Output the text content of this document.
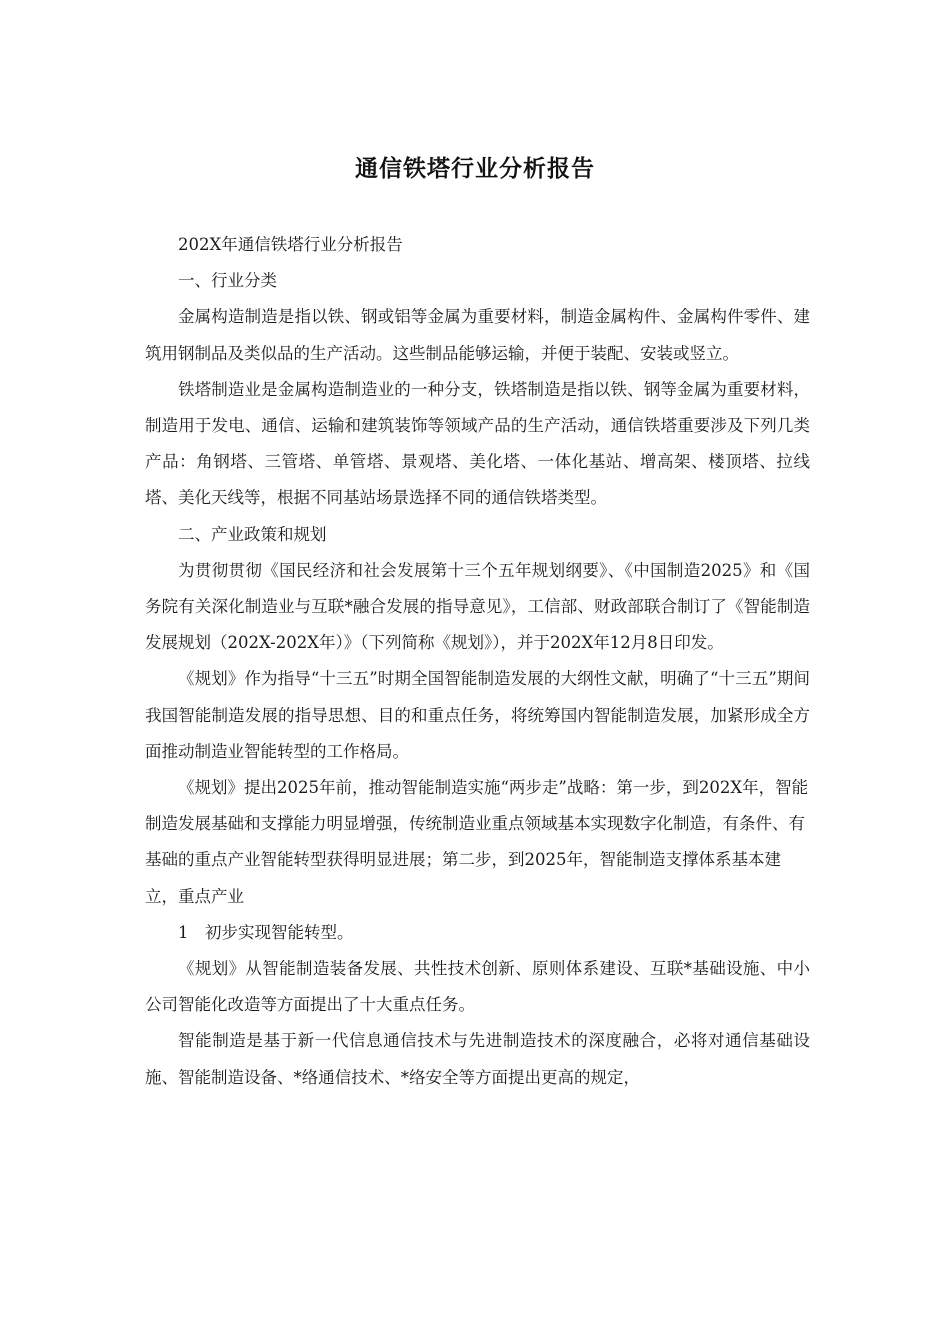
通信铁塔行业分析报告

202X年通信铁塔行业分析报告

一、行业分类

金属构造制造是指以铁、钢或铝等金属为重要材料，制造金属构件、金属构件零件、建筑用钢制品及类似品的生产活动。这些制品能够运输，并便于装配、安装或竖立。

铁塔制造业是金属构造制造业的一种分支，铁塔制造是指以铁、钢等金属为重要材料，制造用于发电、通信、运输和建筑装饰等领域产品的生产活动，通信铁塔重要涉及下列几类产品：角钢塔、三管塔、单管塔、景观塔、美化塔、一体化基站、增高架、楼顶塔、拉线塔、美化天线等，根据不同基站场景选择不同的通信铁塔类型。

二、产业政策和规划

为贯彻贯彻《国民经济和社会发展第十三个五年规划纲要》、《中国制造2025》和《国务院有关深化制造业与互联*融合发展的指导意见》，工信部、财政部联合制订了《智能制造发展规划（202X-202X年）》（下列简称《规划》），并于202X年12月8日印发。

《规划》作为指导“十三五”时期全国智能制造发展的大纲性文献，明确了“十三五”期间我国智能制造发展的指导思想、目的和重点任务，将统筹国内智能制造发展，加紧形成全方面推动制造业智能转型的工作格局。

《规划》提出2025年前，推动智能制造实施“两步走”战略：第一步，到202X年，智能制造发展基础和支撑能力明显增强，传统制造业重点领域基本实现数字化制造，有条件、有基础的重点产业智能转型获得明显进展；第二步，到2025年，智能制造支撑体系基本建立，重点产业

1　初步实现智能转型。

《规划》从智能制造装备发展、共性技术创新、原则体系建设、互联*基础设施、中小公司智能化改造等方面提出了十大重点任务。

智能制造是基于新一代信息通信技术与先进制造技术的深度融合，必将对通信基础设施、智能制造设备、*络通信技术、*络安全等方面提出更高的规定，
